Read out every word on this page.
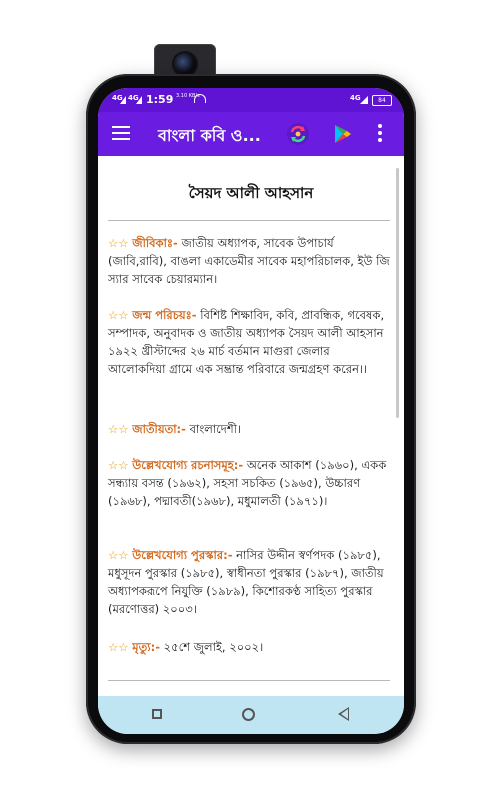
4G 4G 1:59 3.10 KB/s	4G	84
বাংলা কবি ও...
সৈয়দ আলী আহসান
☆☆ জীবিকাঃ- জাতীয় অধ্যাপক, সাবেক উপাচার্য (জাবি,রাবি), বাঙলা একাডেমীর সাবেক মহাপরিচালক, ইউ জি স্যার সাবেক চেয়ারম্যান।
☆☆ জন্ম পরিচয়ঃ- বিশিষ্ট শিক্ষাবিদ, কবি, প্রাবন্ধিক, গবেষক, সম্পাদক, অনুবাদক ও জাতীয় অধ্যাপক সৈয়দ আলী আহসান ১৯২২ খ্রীস্টাব্দের ২৬ মার্চ বর্তমান মাগুরা জেলার আলোকদিয়া গ্রামে এক সম্ভ্রান্ত পরিবারে জন্মগ্রহণ করেন।।
☆☆ জাতীয়তা:- বাংলাদেশী।
☆☆ উল্লেখযোগ্য রচনাসমূহ:- অনেক আকাশ (১৯৬০), একক সন্ধ্যায় বসন্ত (১৯৬২), সহসা সচকিত (১৯৬৫), উচ্চারণ (১৯৬৮), পদ্মাবতী(১৯৬৮), মধুমালতী (১৯৭১)।
☆☆ উল্লেখযোগ্য পুরস্কার:- নাসির উদ্দীন স্বর্ণপদক (১৯৮৫), মধুসূদন পুরস্কার (১৯৮৫), স্বাধীনতা পুরস্কার (১৯৮৭), জাতীয় অধ্যাপকরূপে নিযুক্তি (১৯৮৯), কিশোরকণ্ঠ সাহিত্য পুরস্কার (মরণোত্তর) ২০০৩।
☆☆ মৃত্যু:- ২৫শে জুলাই, ২০০২।
